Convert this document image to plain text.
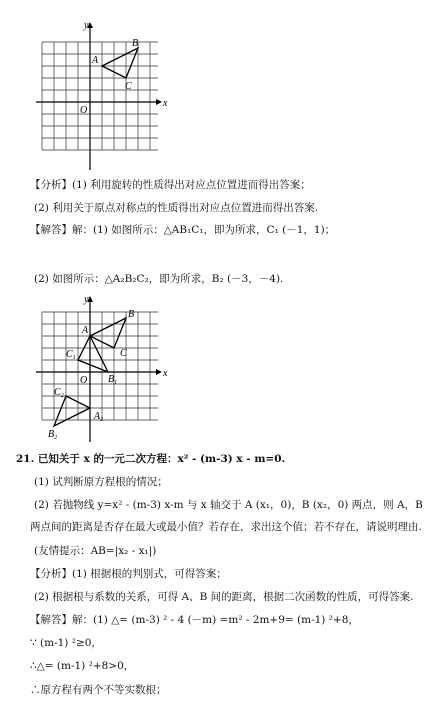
y
x
O
A
B
C
【分析】(1) 利用旋转的性质得出对应点位置进而得出答案；
(2) 利用关于原点对称点的性质得出对应点位置进而得出答案.
【解答】解：(1) 如图所示：△AB₁C₁，即为所求，C₁ (－1，1)；
(2) 如图所示：△A₂B₂C₂，即为所求，B₂ (－3，－4).
y
x
O
A
B
C
$C_1$
$B_1$
$C_2$
$A_2$
$B_2$
21. 已知关于 x 的一元二次方程：x² - (m-3) x - m=0.
(1) 试判断原方程根的情况；
(2) 若抛物线 y=x² - (m-3) x-m 与 x 轴交于 A (x₁，0)，B (x₂，0) 两点，则 A，B
两点间的距离是否存在最大或最小值？若存在，求出这个值；若不存在，请说明理由.
(友情提示：AB=|x₂ - x₁|)
【分析】(1) 根据根的判别式，可得答案；
(2) 根据根与系数的关系，可得 A、B 间的距离，根据二次函数的性质，可得答案.
【解答】解：(1) △= (m-3) ² - 4 (－m) =m² - 2m+9= (m-1) ²+8，
∵ (m-1) ²≥0，
∴△= (m-1) ²+8>0，
∴原方程有两个不等实数根；
